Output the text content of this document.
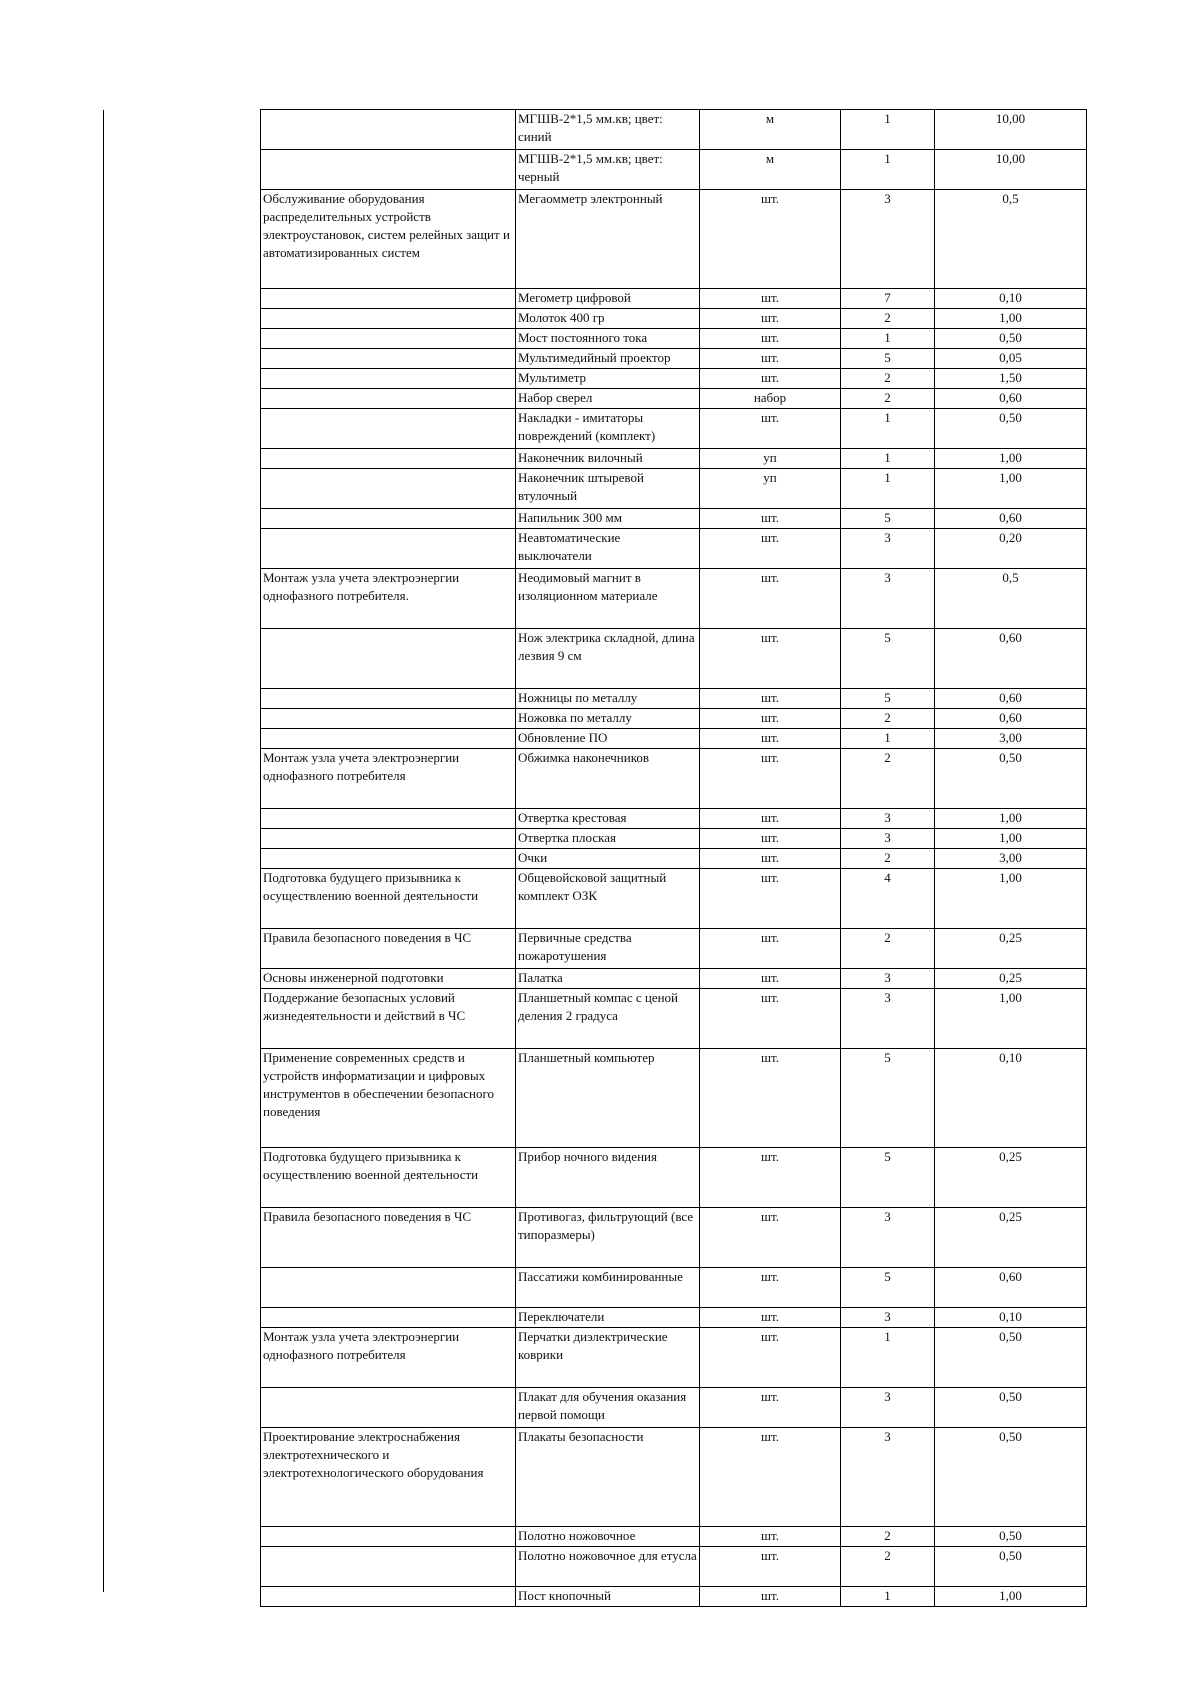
	МГШВ-2*1,5 мм.кв; цвет: синий	м	1	10,00
	МГШВ-2*1,5 мм.кв; цвет: черный	м	1	10,00
Обслуживание оборудования распределительных устройств электроустановок, систем релейных защит и автоматизированных систем	Мегаомметр электронный	шт.	3	0,5
	Мегометр цифровой	шт.	7	0,10
	Молоток 400 гр	шт.	2	1,00
	Мост постоянного тока	шт.	1	0,50
	Мультимедийный проектор	шт.	5	0,05
	Мультиметр	шт.	2	1,50
	Набор сверел	набор	2	0,60
	Накладки - имитаторы повреждений (комплект)	шт.	1	0,50
	Наконечник вилочный	уп	1	1,00
	Наконечник штыревой втулочный	уп	1	1,00
	Напильник 300 мм	шт.	5	0,60
	Неавтоматические выключатели	шт.	3	0,20
Монтаж узла учета электроэнергии однофазного потребителя.	Неодимовый магнит в изоляционном материале	шт.	3	0,5
	Нож электрика складной, длина лезвия 9 см	шт.	5	0,60
	Ножницы по металлу	шт.	5	0,60
	Ножовка по металлу	шт.	2	0,60
	Обновление ПО	шт.	1	3,00
Монтаж узла учета электроэнергии однофазного потребителя	Обжимка наконечников	шт.	2	0,50
	Отвертка крестовая	шт.	3	1,00
	Отвертка плоская	шт.	3	1,00
	Очки	шт.	2	3,00
Подготовка будущего призывника к осуществлению военной деятельности	Общевойсковой защитный комплект ОЗК	шт.	4	1,00
Правила безопасного поведения в ЧС	Первичные средства пожаротушения	шт.	2	0,25
Основы инженерной подготовки	Палатка	шт.	3	0,25
Поддержание безопасных условий жизнедеятельности и действий в ЧС	Планшетный компас с ценой деления 2 градуса	шт.	3	1,00
Применение современных средств и устройств информатизации и цифровых инструментов в обеспечении безопасного поведения	Планшетный компьютер	шт.	5	0,10
Подготовка будущего призывника к осуществлению военной деятельности	Прибор ночного видения	шт.	5	0,25
Правила безопасного поведения в ЧС	Противогаз, фильтрующий (все типоразмеры)	шт.	3	0,25
	Пассатижи комбинированные	шт.	5	0,60
	Переключатели	шт.	3	0,10
Монтаж узла учета электроэнергии однофазного потребителя	Перчатки диэлектрические коврики	шт.	1	0,50
	Плакат для обучения оказания первой помощи	шт.	3	0,50
Проектирование электроснабжения электротехнического и электротехнологического оборудования	Плакаты безопасности	шт.	3	0,50
	Полотно ножовочное	шт.	2	0,50
	Полотно ножовочное для етусла	шт.	2	0,50
	Пост кнопочный	шт.	1	1,00
